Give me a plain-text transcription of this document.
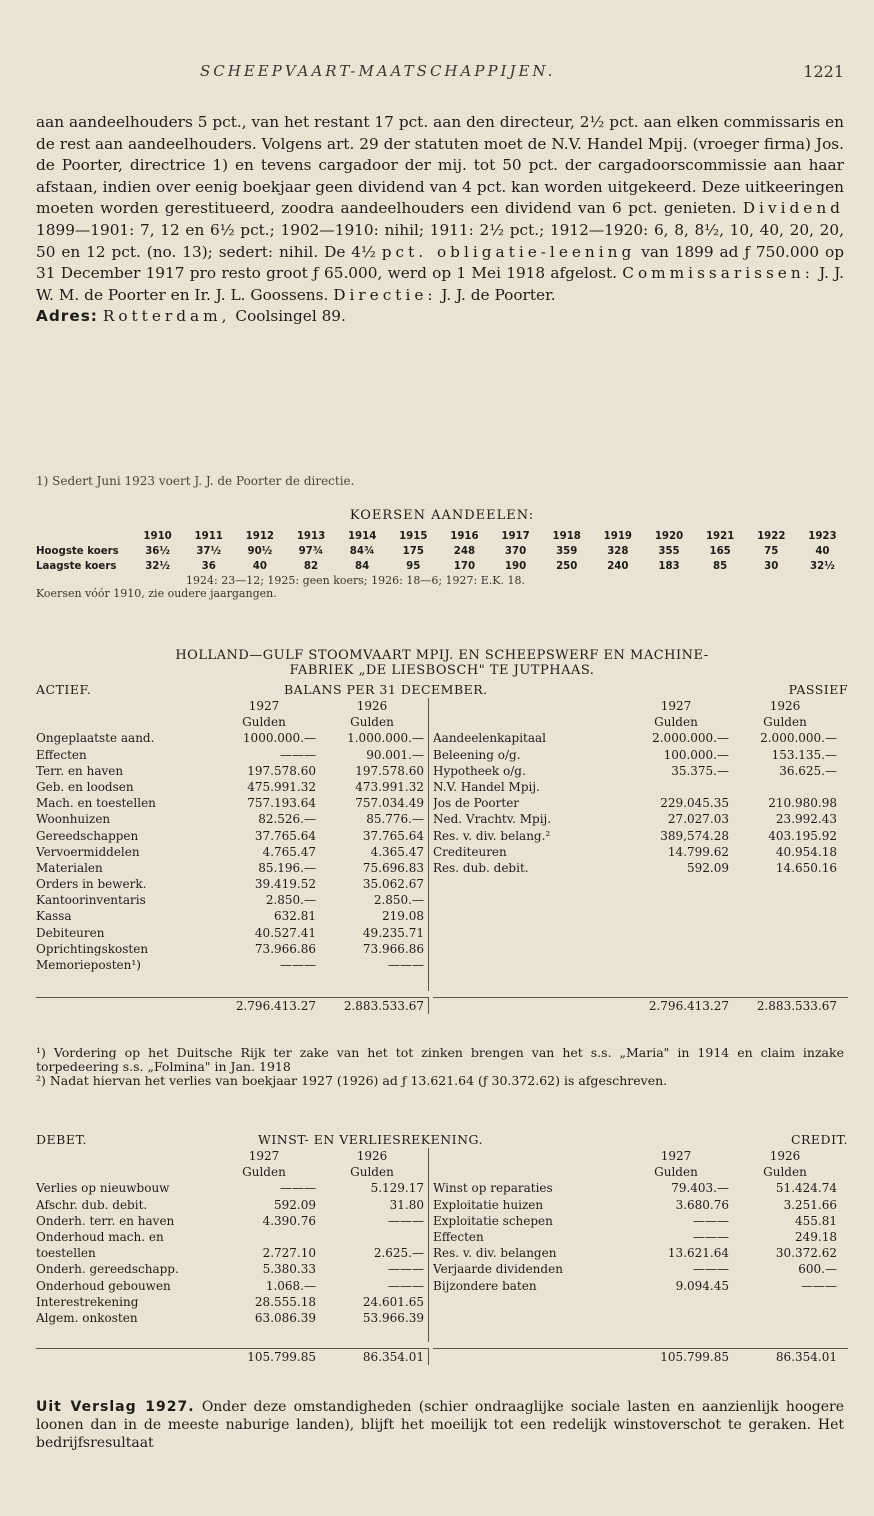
SCHEEPVAART-MAATSCHAPPIJEN.	1221

aan aandeelhouders 5 pct., van het restant 17 pct. aan den directeur, 2½ pct. aan elken commissaris en de rest aan aandeelhouders. Volgens art. 29 der statuten moet de N.V. Handel Mpij. (vroeger firma) Jos. de Poorter, directrice 1) en tevens cargadoor der mij. tot 50 pct. der cargadoorscommissie aan haar afstaan, indien over eenig boekjaar geen dividend van 4 pct. kan worden uitgekeerd. Deze uitkeeringen moeten worden gerestitueerd, zoodra aandeelhouders een dividend van 6 pct. genieten. Dividend 1899—1901: 7, 12 en 6½ pct.; 1902—1910: nihil; 1911: 2½ pct.; 1912—1920: 6, 8, 8½, 10, 40, 20, 20, 50 en 12 pct. (no. 13); sedert: nihil. De 4½ pct. obligatie-leening van 1899 ad ƒ 750.000 op 31 December 1917 pro resto groot ƒ 65.000, werd op 1 Mei 1918 afgelost. Commissarissen: J. J. W. M. de Poorter en Ir. J. L. Goossens. Directie: J. J. de Poorter.

Adres: Rotterdam, Coolsingel 89.

1) Sedert Juni 1923 voert J. J. de Poorter de directie.
KOERSEN AANDEELEN:
1910	1911	1912	1913	1914	1915	1916	1917	1918	1919	1920	1921	1922	1923
Hoogste koers	36½	37½	90½	97¾	84¾	175	248	370	359	328	355	165	75	40
Laagste koers	32½	36	40	82	84	95	170	190	250	240	183	85	30	32½
1924: 23—12; 1925: geen koers; 1926: 18—6; 1927: E.K. 18.
Koersen vóór 1910, zie oudere jaargangen.
HOLLAND—GULF STOOMVAART MPIJ. EN SCHEEPSWERF EN MACHINE-
FABRIEK „DE LIESBOSCH" TE JUTPHAAS.
ACTIEF.	BALANS PER 31 DECEMBER.	PASSIEF
1927	1926
Gulden	Gulden
Ongeplaatste aand.	1000.000.—	1.000.000.—
Effecten	———	90.001.—
Terr. en haven	197.578.60	197.578.60
Geb. en loodsen	475.991.32	473.991.32
Mach. en toestellen	757.193.64	757.034.49
Woonhuizen	82.526.—	85.776.—
Gereedschappen	37.765.64	37.765.64
Vervoermiddelen	4.765.47	4.365.47
Materialen	85.196.—	75.696.83
Orders in bewerk.	39.419.52	35.062.67
Kantoorinventaris	2.850.—	2.850.—
Kassa	632.81	219.08
Debiteuren	40.527.41	49.235.71
Oprichtingskosten	73.966.86	73.966.86
Memorieposten¹)	———	———
1927	1926
Gulden	Gulden
Aandeelenkapitaal	2.000.000.—	2.000.000.—
Beleening o/g.	100.000.—	153.135.—
Hypotheek o/g.	35.375.—	36.625.—
N.V. Handel Mpij.
Jos de Poorter	229.045.35	210.980.98
Ned. Vrachtv. Mpij.	27.027.03	23.992.43
Res. v. div. belang.²	389,574.28	403.195.92
Crediteuren	14.799.62	40.954.18
Res. dub. debit.	592.09	14.650.16
2.796.413.27	2.883.533.67	2.796.413.27	2.883.533.67

¹) Vordering op het Duitsche Rijk ter zake van het tot zinken brengen van het s.s. „Maria" in 1914 en claim inzake torpedeering s.s. „Folmina" in Jan. 1918

²) Nadat hiervan het verlies van boekjaar 1927 (1926) ad ƒ 13.621.64 (ƒ 30.372.62) is afgeschreven.

DEBET.	WINST- EN VERLIESREKENING.	CREDIT.
1927	1926
Gulden	Gulden
Verlies op nieuwbouw	———	5.129.17
Afschr. dub. debit.	592.09	31.80
Onderh. terr. en haven	4.390.76	———
Onderhoud mach. en
toestellen	2.727.10	2.625.—
Onderh. gereedschapp.	5.380.33	———
Onderhoud gebouwen	1.068.—	———
Interestrekening	28.555.18	24.601.65
Algem. onkosten	63.086.39	53.966.39
1927	1926
Gulden	Gulden
Winst op reparaties	79.403.—	51.424.74
Exploitatie huizen	3.680.76	3.251.66
Exploitatie schepen	———	455.81
Effecten	———	249.18
Res. v. div. belangen	13.621.64	30.372.62
Verjaarde dividenden	———	600.—
Bijzondere baten	9.094.45	———
105.799.85	86.354.01	105.799.85	86.354.01

Uit Verslag 1927. Onder deze omstandigheden (schier ondraaglijke sociale lasten en aanzienlijk hoogere loonen dan in de meeste naburige landen), blijft het moeilijk tot een redelijk winstoverschot te geraken. Het bedrijfsresultaat
